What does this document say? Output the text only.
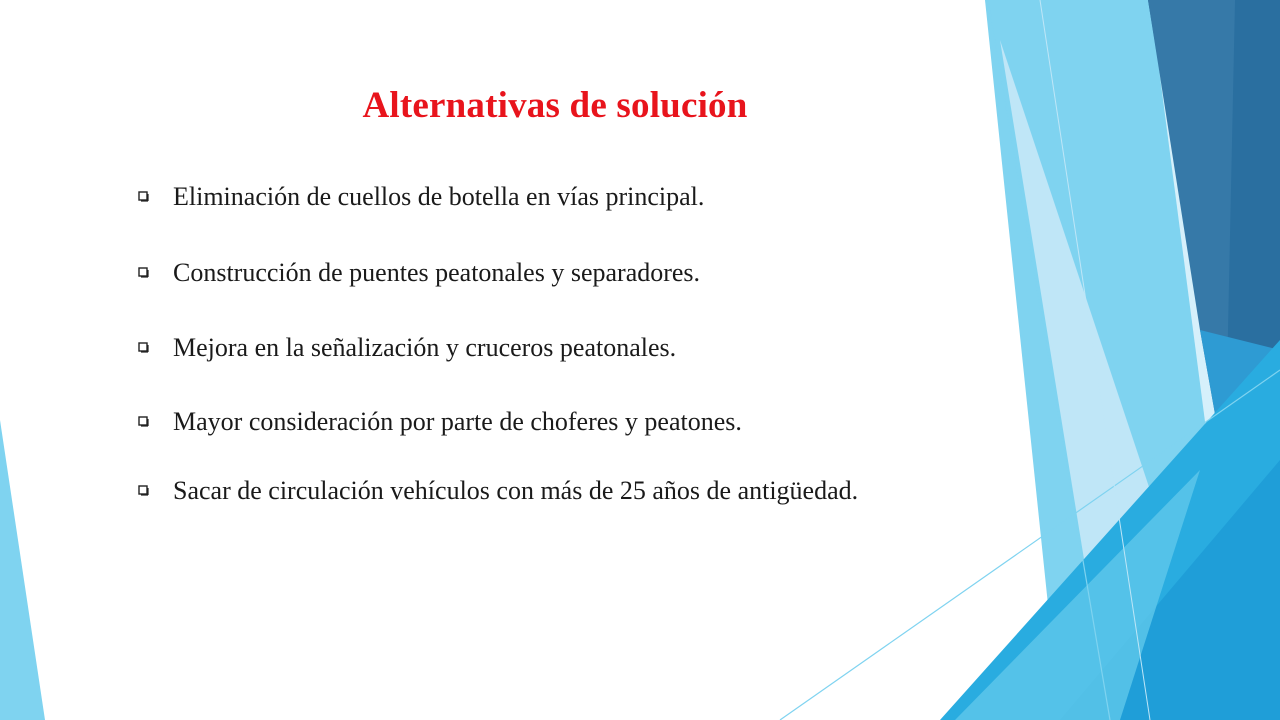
Alternativas de solución
Eliminación de cuellos de botella en vías principal.
Construcción de puentes peatonales y separadores.
Mejora en la señalización y cruceros peatonales.
Mayor consideración por parte de choferes y peatones.
Sacar de circulación vehículos con más de 25 años de antigüedad.
